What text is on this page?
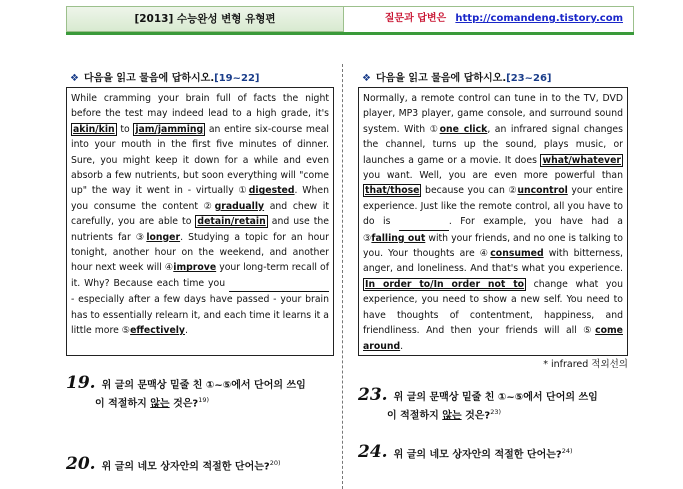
[2013] 수능완성 변형 유형편	질문과 답변은 http://comandeng.tistory.com
❖ 다음을 읽고 물음에 답하시오.[19~22]
While cramming your brain full of facts the night before the test may indeed lead to a high grade, it's akin/kin to jam/jamming an entire six-course meal into your mouth in the first five minutes of dinner. Sure, you might keep it down for a while and even absorb a few nutrients, but soon everything will "come up" the way it went in - virtually ①digested. When you consume the content ②gradually and chew it carefully, you are able to detain/retain and use the nutrients far ③longer. Studying a topic for an hour tonight, another hour on the weekend, and another hour next week will ④improve your long-term recall of it. Why? Because each time you   - especially after a few days have passed - your brain has to essentially relearn it, and each time it learns it a little more ⑤effectively.
19. 위 글의 문맥상 밑줄 친 ①~⑤에서 단어의 쓰임
이 적절하지 않는 것은?$^{19)}$
20. 위 글의 네모 상자안의 적절한 단어는?$^{20)}$
❖ 다음을 읽고 물음에 답하시오.[23~26]
Normally, a remote control can tune in to the TV, DVD player, MP3 player, game console, and surround sound system. With ①one click, an infrared signal changes the channel, turns up the sound, plays music, or launches a game or a movie. It does what/whatever you want. Well, you are even more powerful than that/those because you can ②uncontrol your entire experience. Just like the remote control, all you have to do is	. For example, you have had a ③falling out with your friends, and no one is talking to you. Your thoughts are ④consumed with bitterness, anger, and loneliness. And that's what you experience. In order to/In order not to change what you experience, you need to show a new self. You need to have thoughts of contentment, happiness, and friendliness. And then your friends will all ⑤come around.
* infrared 적외선의
23. 위 글의 문맥상 밑줄 친 ①~⑤에서 단어의 쓰임
이 적절하지 않는 것은?$^{23)}$
24. 위 글의 네모 상자안의 적절한 단어는?$^{24)}$
